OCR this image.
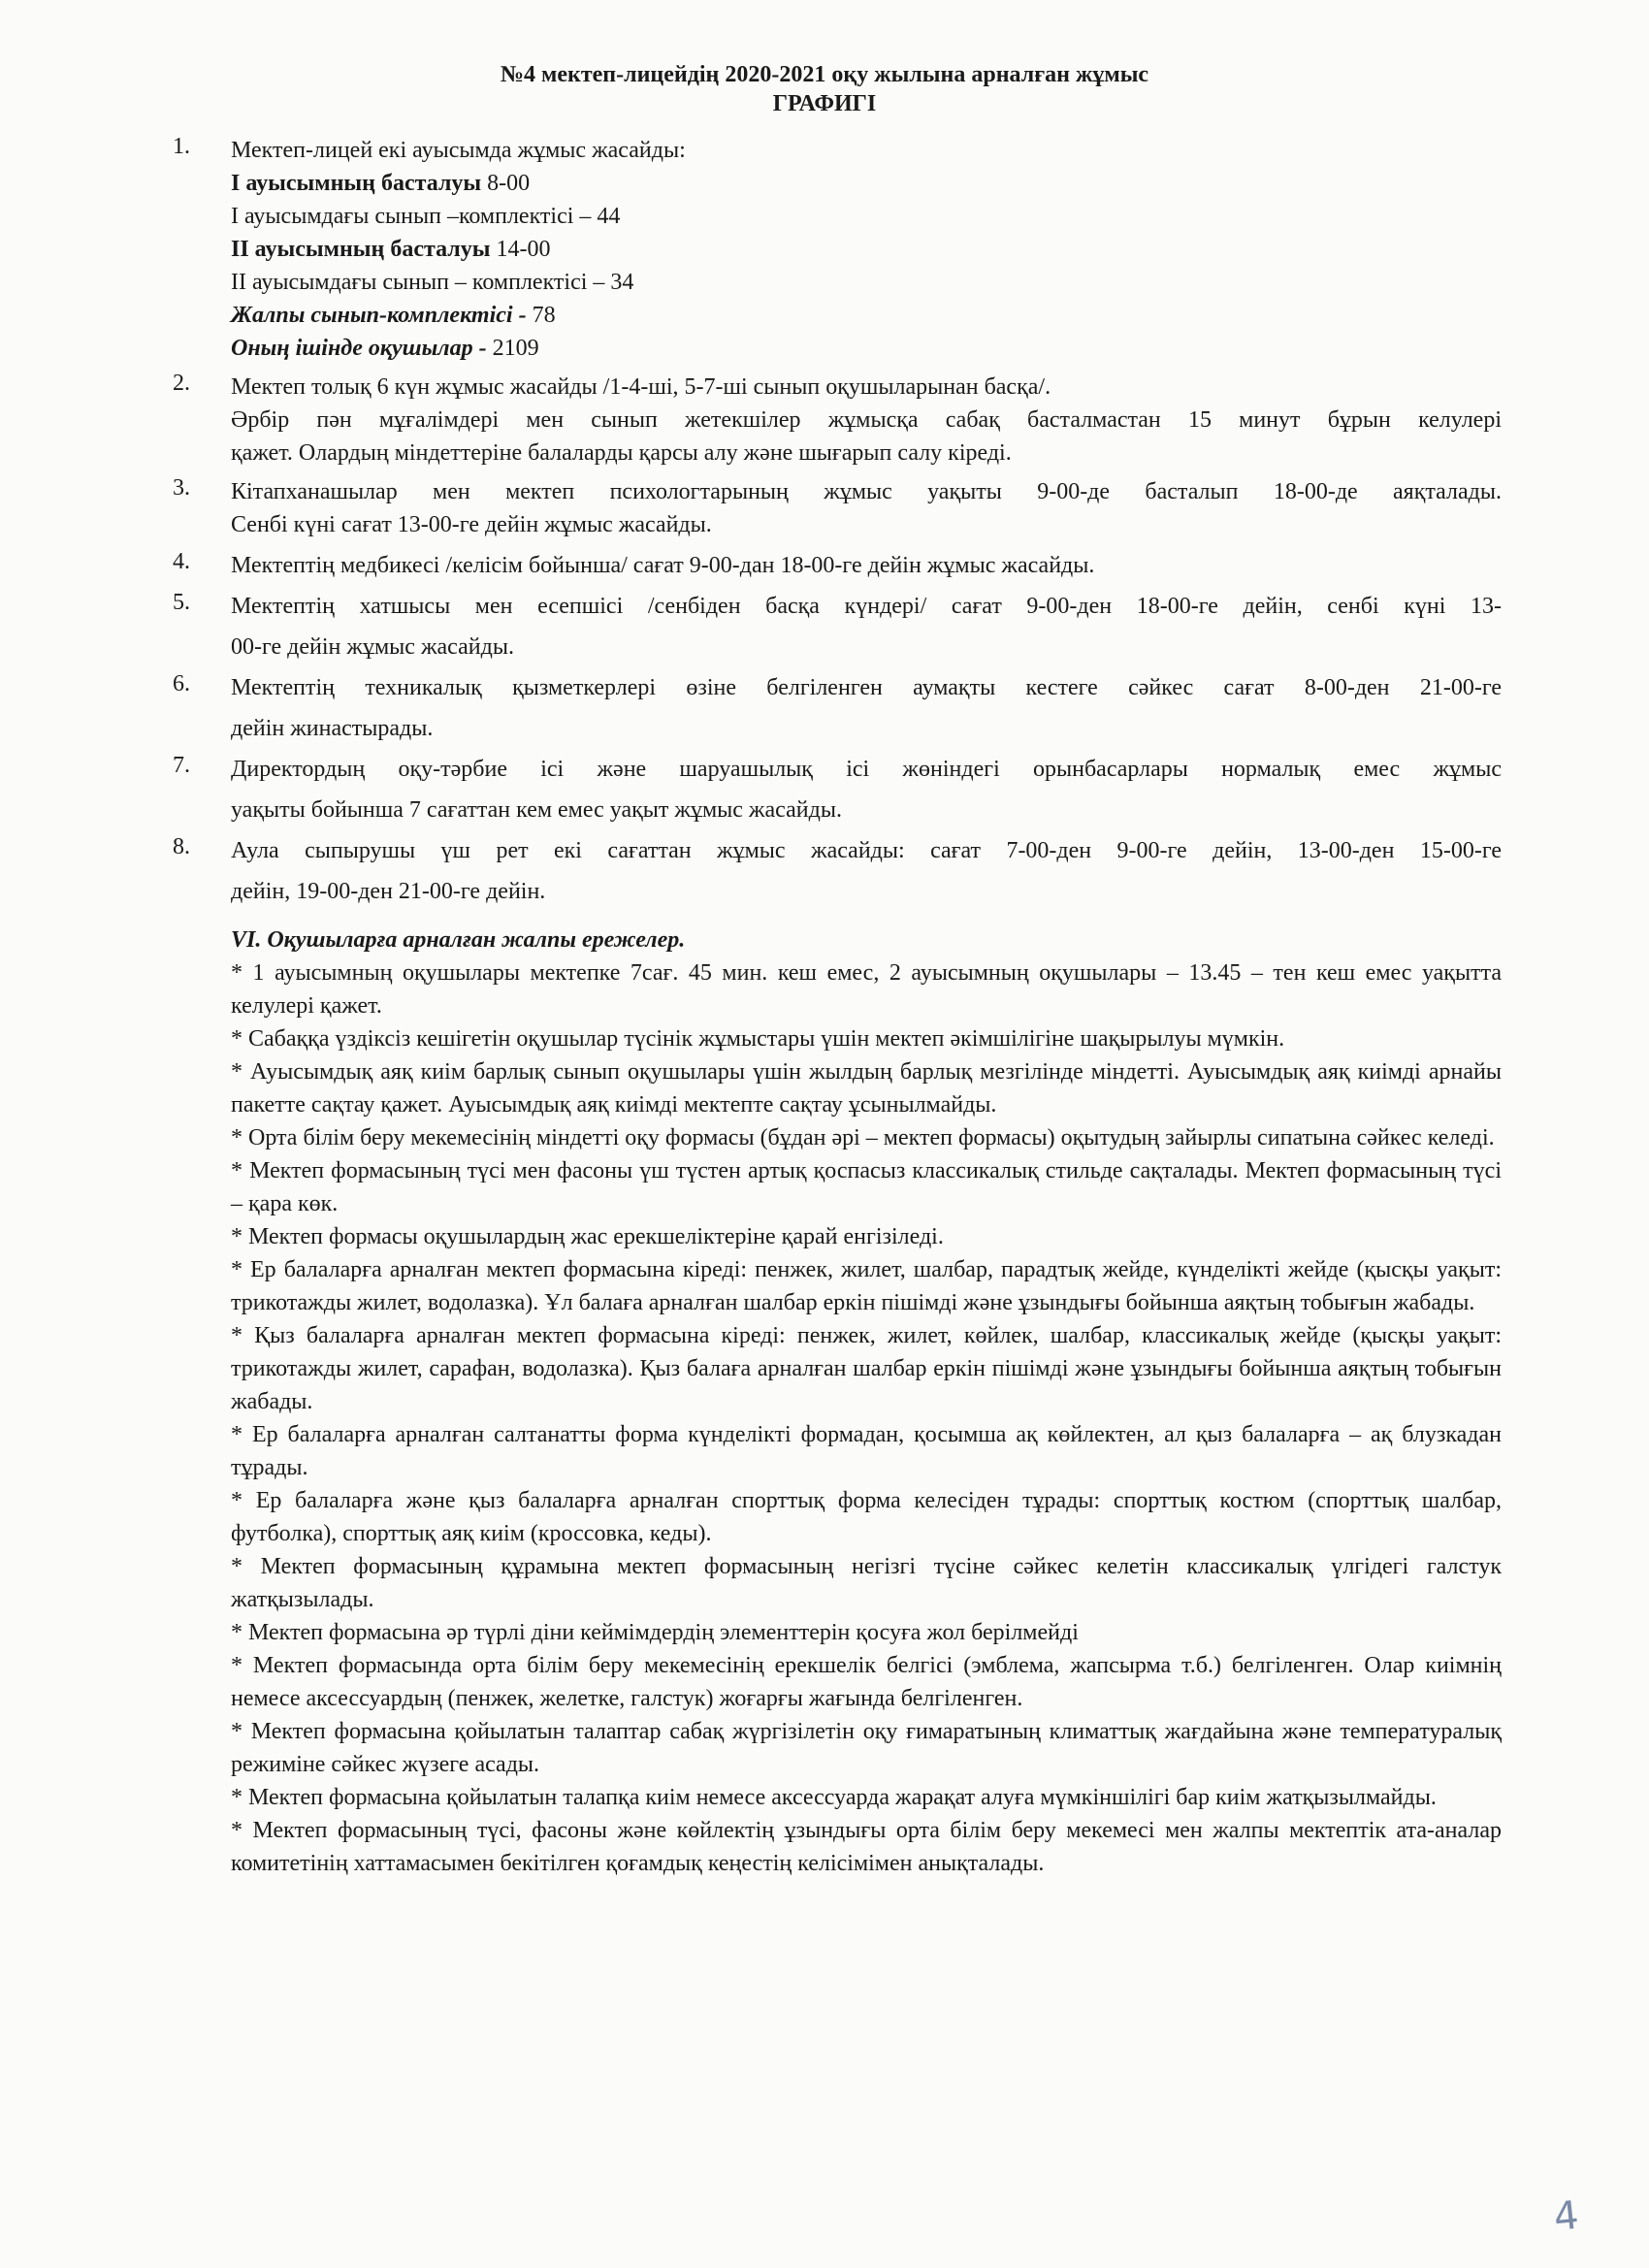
№4 мектеп-лицейдің 2020-2021 оқу жылына арналған жұмыс
ГРАФИГІ
1. Мектеп-лицей екі ауысымда жұмыс жасайды:
І ауысымның басталуы 8-00
І ауысымдағы сынып –комплектісі – 44
ІІ ауысымның басталуы 14-00
ІІ ауысымдағы сынып – комплектісі – 34
Жалпы сынып-комплектісі - 78
Оның ішінде оқушылар - 2109
2. Мектеп толық 6 күн жұмыс жасайды /1-4-ші, 5-7-ші сынып оқушыларынан басқа/.
Әрбір пән мұғалімдері мен сынып жетекшілер жұмысқа сабақ басталмастан 15 минут бұрын келулері
қажет. Олардың міндеттеріне балаларды қарсы алу және шығарып салу кіреді.
3. Кітапханашылар мен мектеп психологтарының жұмыс уақыты 9-00-де басталып 18-00-де аяқталады.
Сенбі күні сағат 13-00-ге дейін жұмыс жасайды.
4. Мектептің медбикесі /келісім бойынша/ сағат 9-00-дан 18-00-ге дейін жұмыс жасайды.
5. Мектептің хатшысы мен есепшісі /сенбіден басқа күндері/ сағат 9-00-ден 18-00-ге дейін, сенбі күні 13-
00-ге дейін жұмыс жасайды.
6. Мектептің техникалық қызметкерлері өзіне белгіленген аумақты кестеге сәйкес сағат 8-00-ден 21-00-ге
дейін жинастырады.
7. Директордың оқу-тәрбие ісі және шаруашылық ісі жөніндегі орынбасарлары нормалық емес жұмыс
уақыты бойынша 7 сағаттан кем емес уақыт жұмыс жасайды.
8. Аула сыпырушы үш рет екі сағаттан жұмыс жасайды: сағат 7-00-ден 9-00-ге дейін, 13-00-ден 15-00-ге
дейін, 19-00-ден 21-00-ге дейін.
VI. Оқушыларға арналған жалпы ережелер.
* 1 ауысымның оқушылары мектепке 7сағ. 45 мин. кеш емес, 2 ауысымның оқушылары – 13.45 – тен кеш емес уақытта келулері қажет.
* Сабаққа үздіксіз кешігетін оқушылар түсінік жұмыстары үшін мектеп әкімшілігіне шақырылуы мүмкін.
* Ауысымдық аяқ киім барлық сынып оқушылары үшін жылдың барлық мезгілінде міндетті. Ауысымдық аяқ киімді арнайы пакетте сақтау қажет. Ауысымдық аяқ киімді мектепте сақтау ұсынылмайды.
* Орта білім беру мекемесінің міндетті оқу формасы (бұдан әрі – мектеп формасы) оқытудың зайырлы сипатына сәйкес келеді.
* Мектеп формасының түсі мен фасоны үш түстен артық қоспасыз классикалық стильде сақталады. Мектеп формасының түсі – қара көк.
* Мектеп формасы оқушылардың жас ерекшеліктеріне қарай енгізіледі.
* Ер балаларға арналған мектеп формасына кіреді: пенжек, жилет, шалбар, парадтық жейде, күнделікті жейде (қысқы уақыт: трикотажды жилет, водолазка). Ұл балаға арналған шалбар еркін пішімді және ұзындығы бойынша аяқтың тобығын жабады.
* Қыз балаларға арналған мектеп формасына кіреді: пенжек, жилет, көйлек, шалбар, классикалық жейде (қысқы уақыт: трикотажды жилет, сарафан, водолазка). Қыз балаға арналған шалбар еркін пішімді және ұзындығы бойынша аяқтың тобығын жабады.
* Ер балаларға арналған салтанатты форма күнделікті формадан, қосымша ақ көйлектен, ал қыз балаларға – ақ блузкадан тұрады.
* Ер балаларға және қыз балаларға арналған спорттық форма келесіден тұрады: спорттық костюм (спорттық шалбар, футболка), спорттық аяқ киім (кроссовка, кеды).
* Мектеп формасының құрамына мектеп формасының негізгі түсіне сәйкес келетін классикалық үлгідегі галстук жатқызылады.
* Мектеп формасына әр түрлі діни кеймімдердің элементтерін қосуға жол берілмейді
* Мектеп формасында орта білім беру мекемесінің ерекшелік белгісі (эмблема, жапсырма т.б.) белгіленген. Олар киімнің немесе аксессуардың (пенжек, желетке, галстук) жоғарғы жағында белгіленген.
* Мектеп формасына қойылатын талаптар сабақ жүргізілетін оқу ғимаратының климаттық жағдайына және температуралық режиміне сәйкес жүзеге асады.
* Мектеп формасына қойылатын талапқа киім немесе аксессуарда жарақат алуға мүмкіншілігі бар киім жатқызылмайды.
* Мектеп формасының түсі, фасоны және көйлектің ұзындығы орта білім беру мекемесі мен жалпы мектептік ата-аналар комитетінің хаттамасымен бекітілген қоғамдық кеңестің келісімімен анықталады.
4
